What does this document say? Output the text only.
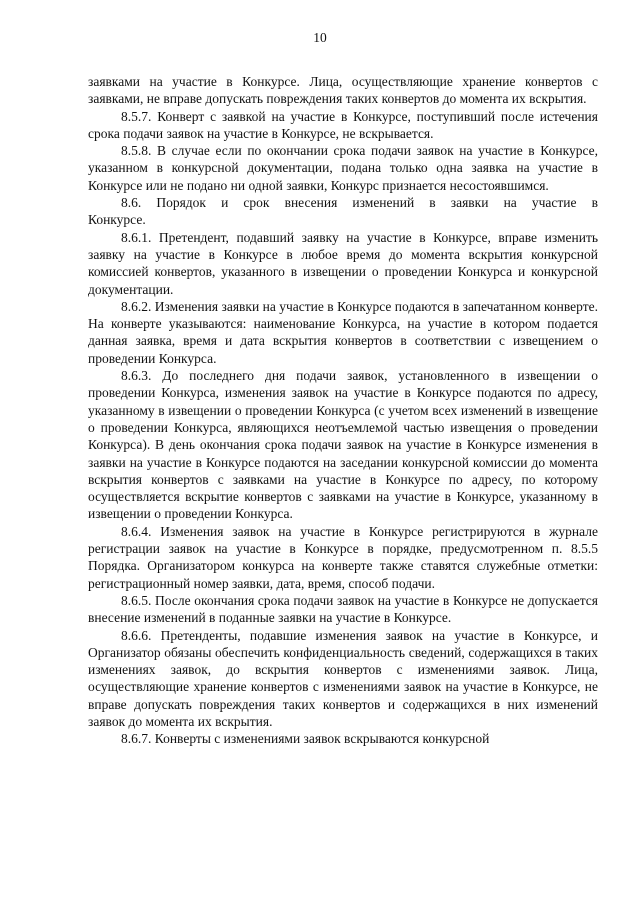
10

заявками на участие в Конкурсе. Лица, осуществляющие хранение конвертов с заявками, не вправе допускать повреждения таких конвертов до момента их вскрытия.

8.5.7. Конверт с заявкой на участие в Конкурсе, поступивший после истечения срока подачи заявок на участие в Конкурсе, не вскрывается.

8.5.8. В случае если по окончании срока подачи заявок на участие в Конкурсе, указанном в конкурсной документации, подана только одна заявка на участие в Конкурсе или не подано ни одной заявки, Конкурс признается несостоявшимся.

8.6. Порядок и срок внесения изменений в заявки на участие в Конкурсе.

8.6.1. Претендент, подавший заявку на участие в Конкурсе, вправе изменить заявку на участие в Конкурсе в любое время до момента вскрытия конкурсной комиссией конвертов, указанного в извещении о проведении Конкурса и конкурсной документации.

8.6.2. Изменения заявки на участие в Конкурсе подаются в запечатанном конверте. На конверте указываются: наименование Конкурса, на участие в котором подается данная заявка, время и дата вскрытия конвертов в соответствии с извещением о проведении Конкурса.

8.6.3. До последнего дня подачи заявок, установленного в извещении о проведении Конкурса, изменения заявок на участие в Конкурсе подаются по адресу, указанному в извещении о проведении Конкурса (с учетом всех изменений в извещение о проведении Конкурса, являющихся неотъемлемой частью извещения о проведении Конкурса). В день окончания срока подачи заявок на участие в Конкурсе изменения в заявки на участие в Конкурсе подаются на заседании конкурсной комиссии до момента вскрытия конвертов с заявками на участие в Конкурсе по адресу, по которому осуществляется вскрытие конвертов с заявками на участие в Конкурсе, указанному в извещении о проведении Конкурса.

8.6.4. Изменения заявок на участие в Конкурсе регистрируются в журнале регистрации заявок на участие в Конкурсе в порядке, предусмотренном п. 8.5.5 Порядка. Организатором конкурса на конверте также ставятся служебные отметки: регистрационный номер заявки, дата, время, способ подачи.

8.6.5. После окончания срока подачи заявок на участие в Конкурсе не допускается внесение изменений в поданные заявки на участие в Конкурсе.

8.6.6. Претенденты, подавшие изменения заявок на участие в Конкурсе, и Организатор обязаны обеспечить конфиденциальность сведений, содержащихся в таких изменениях заявок, до вскрытия конвертов с изменениями заявок. Лица, осуществляющие хранение конвертов с изменениями заявок на участие в Конкурсе, не вправе допускать повреждения таких конвертов и содержащихся в них изменений заявок до момента их вскрытия.

8.6.7. Конверты с изменениями заявок вскрываются конкурсной
